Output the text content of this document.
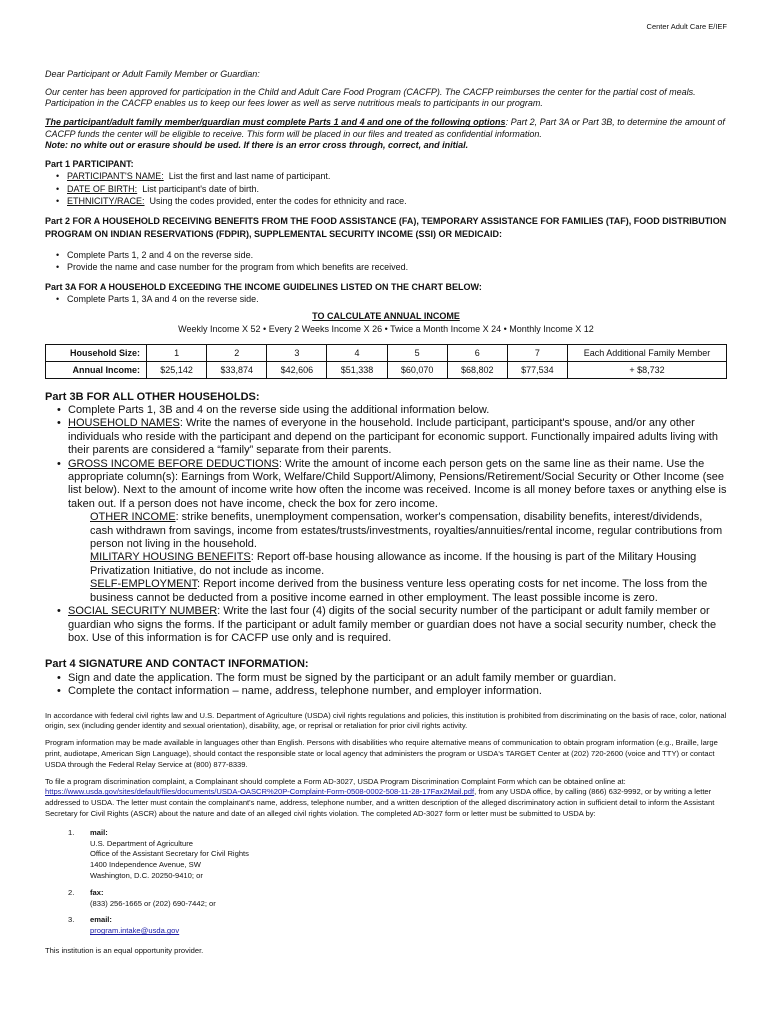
Center Adult Care E/IEF

Dear Participant or Adult Family Member or Guardian:

Our center has been approved for participation in the Child and Adult Care Food Program (CACFP). The CACFP reimburses the center for the partial cost of meals. Participation in the CACFP enables us to keep our fees lower as well as serve nutritious meals to participants in our program.

The participant/adult family member/guardian must complete Parts 1 and 4 and one of the following options: Part 2, Part 3A or Part 3B, to determine the amount of CACFP funds the center will be eligible to receive. This form will be placed in our files and treated as confidential information.
Note: no white out or erasure should be used. If there is an error cross through, correct, and initial.

Part 1 PARTICIPANT:
• PARTICIPANT'S NAME: List the first and last name of participant.
• DATE OF BIRTH: List participant's date of birth.
• ETHNICITY/RACE: Using the codes provided, enter the codes for ethnicity and race.
Part 2 FOR A HOUSEHOLD RECEIVING BENEFITS FROM THE FOOD ASSISTANCE (FA), TEMPORARY ASSISTANCE FOR FAMILIES (TAF), FOOD DISTRIBUTION PROGRAM ON INDIAN RESERVATIONS (FDPIR), SUPPLEMENTAL SECURITY INCOME (SSI) OR MEDICAID:
• Complete Parts 1, 2 and 4 on the reverse side.
• Provide the name and case number for the program from which benefits are received.
Part 3A FOR A HOUSEHOLD EXCEEDING THE INCOME GUIDELINES LISTED ON THE CHART BELOW:
• Complete Parts 1, 3A and 4 on the reverse side.
TO CALCULATE ANNUAL INCOME
Weekly Income X 52 • Every 2 Weeks Income X 26 • Twice a Month Income X 24 • Monthly Income X 12
Household Size:	1	2	3	4	5	6	7	Each Additional Family Member
Annual Income:	$25,142	$33,874	$42,606	$51,338	$60,070	$68,802	$77,534	+ $8,732
Part 3B FOR ALL OTHER HOUSEHOLDS:
• Complete Parts 1, 3B and 4 on the reverse side using the additional information below.
• HOUSEHOLD NAMES: Write the names of everyone in the household. Include participant, participant's spouse, and/or any other individuals who reside with the participant and depend on the participant for economic support. Functionally impaired adults living with their parents are considered a “family” separate from their parents.
• GROSS INCOME BEFORE DEDUCTIONS: Write the amount of income each person gets on the same line as their name. Use the appropriate column(s): Earnings from Work, Welfare/Child Support/Alimony, Pensions/Retirement/Social Security or Other Income (see list below). Next to the amount of income write how often the income was received. Income is all money before taxes or anything else is taken out. If a person does not have income, check the box for zero income.
OTHER INCOME: strike benefits, unemployment compensation, worker's compensation, disability benefits, interest/dividends, cash withdrawn from savings, income from estates/trusts/investments, royalties/annuities/rental income, regular contributions from person not living in the household.
MILITARY HOUSING BENEFITS: Report off-base housing allowance as income. If the housing is part of the Military Housing Privatization Initiative, do not include as income.
SELF-EMPLOYMENT: Report income derived from the business venture less operating costs for net income. The loss from the business cannot be deducted from a positive income earned in other employment. The least possible income is zero.
• SOCIAL SECURITY NUMBER: Write the last four (4) digits of the social security number of the participant or adult family member or guardian who signs the forms. If the participant or adult family member or guardian does not have a social security number, check the box. Use of this information is for CACFP use only and is required.
Part 4 SIGNATURE AND CONTACT INFORMATION:
• Sign and date the application. The form must be signed by the participant or an adult family member or guardian.
• Complete the contact information – name, address, telephone number, and employer information.

In accordance with federal civil rights law and U.S. Department of Agriculture (USDA) civil rights regulations and policies, this institution is prohibited from discriminating on the basis of race, color, national origin, sex (including gender identity and sexual orientation), disability, age, or reprisal or retaliation for prior civil rights activity.

Program information may be made available in languages other than English. Persons with disabilities who require alternative means of communication to obtain program information (e.g., Braille, large print, audiotape, American Sign Language), should contact the responsible state or local agency that administers the program or USDA's TARGET Center at (202) 720-2600 (voice and TTY) or contact USDA through the Federal Relay Service at (800) 877-8339.

To file a program discrimination complaint, a Complainant should complete a Form AD-3027, USDA Program Discrimination Complaint Form which can be obtained online at: https://www.usda.gov/sites/default/files/documents/USDA-OASCR%20P-Complaint-Form-0508-0002-508-11-28-17Fax2Mail.pdf, from any USDA office, by calling (866) 632-9992, or by writing a letter addressed to USDA. The letter must contain the complainant's name, address, telephone number, and a written description of the alleged discriminatory action in sufficient detail to inform the Assistant Secretary for Civil Rights (ASCR) about the nature and date of an alleged civil rights violation. The completed AD-3027 form or letter must be submitted to USDA by:

1.	mail:
U.S. Department of Agriculture
Office of the Assistant Secretary for Civil Rights
1400 Independence Avenue, SW
Washington, D.C. 20250-9410; or
2.	fax:
(833) 256-1665 or (202) 690-7442; or
3.	email:
program.intake@usda.gov

This institution is an equal opportunity provider.
